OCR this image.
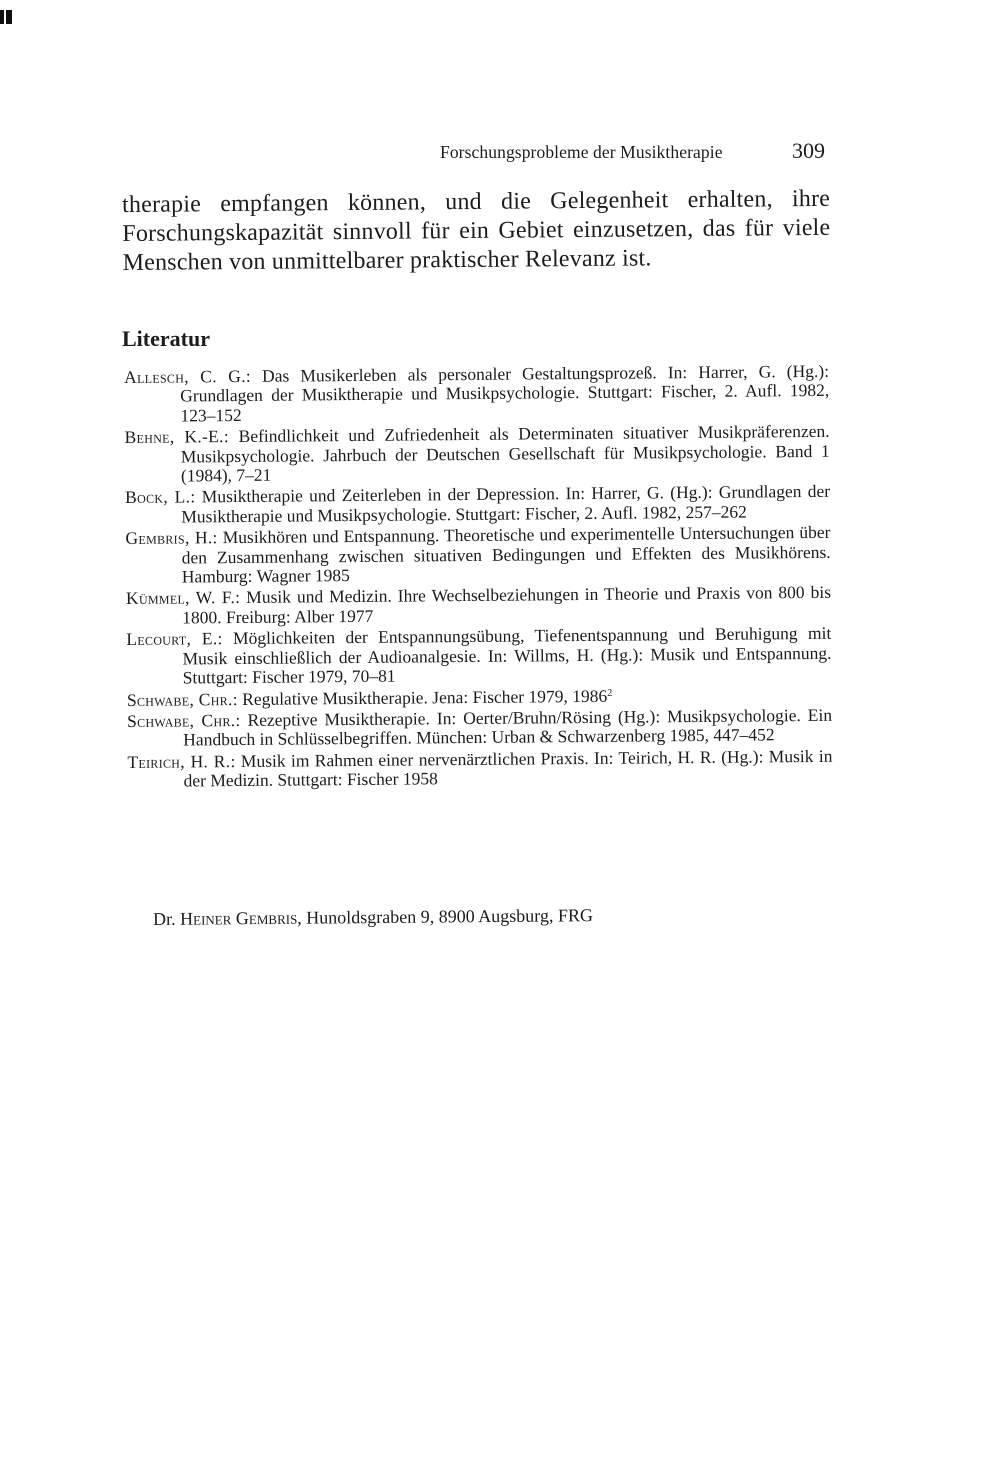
Forschungsprobleme der Musiktherapie	309

therapie empfangen können, und die Gelegenheit erhalten, ihre Forschungskapazität sinnvoll für ein Gebiet einzusetzen, das für viele Menschen von unmittelbarer praktischer Relevanz ist.

Literatur

Allesch, C. G.: Das Musikerleben als personaler Gestaltungsprozeß. In: Harrer, G. (Hg.): Grundlagen der Musiktherapie und Musikpsychologie. Stuttgart: Fischer, 2. Aufl. 1982, 123–152

Behne, K.-E.: Befindlichkeit und Zufriedenheit als Determinaten situativer Musikpräferenzen. Musikpsychologie. Jahrbuch der Deutschen Gesellschaft für Musikpsychologie. Band 1 (1984), 7–21

Bock, L.: Musiktherapie und Zeiterleben in der Depression. In: Harrer, G. (Hg.): Grundlagen der Musiktherapie und Musikpsychologie. Stuttgart: Fischer, 2. Aufl. 1982, 257–262

Gembris, H.: Musikhören und Entspannung. Theoretische und experimentelle Untersuchungen über den Zusammenhang zwischen situativen Bedingungen und Effekten des Musikhörens. Hamburg: Wagner 1985

Kümmel, W. F.: Musik und Medizin. Ihre Wechselbeziehungen in Theorie und Praxis von 800 bis 1800. Freiburg: Alber 1977

Lecourt, E.: Möglichkeiten der Entspannungsübung, Tiefenentspannung und Beruhigung mit Musik einschließlich der Audioanalgesie. In: Willms, H. (Hg.): Musik und Entspannung. Stuttgart: Fischer 1979, 70–81

Schwabe, Chr.: Regulative Musiktherapie. Jena: Fischer 1979, 1986$^2$

Schwabe, Chr.: Rezeptive Musiktherapie. In: Oerter/Bruhn/Rösing (Hg.): Musikpsychologie. Ein Handbuch in Schlüsselbegriffen. München: Urban & Schwarzenberg 1985, 447–452

Teirich, H. R.: Musik im Rahmen einer nervenärztlichen Praxis. In: Teirich, H. R. (Hg.): Musik in der Medizin. Stuttgart: Fischer 1958

Dr. Heiner Gembris, Hunoldsgraben 9, 8900 Augsburg, FRG
